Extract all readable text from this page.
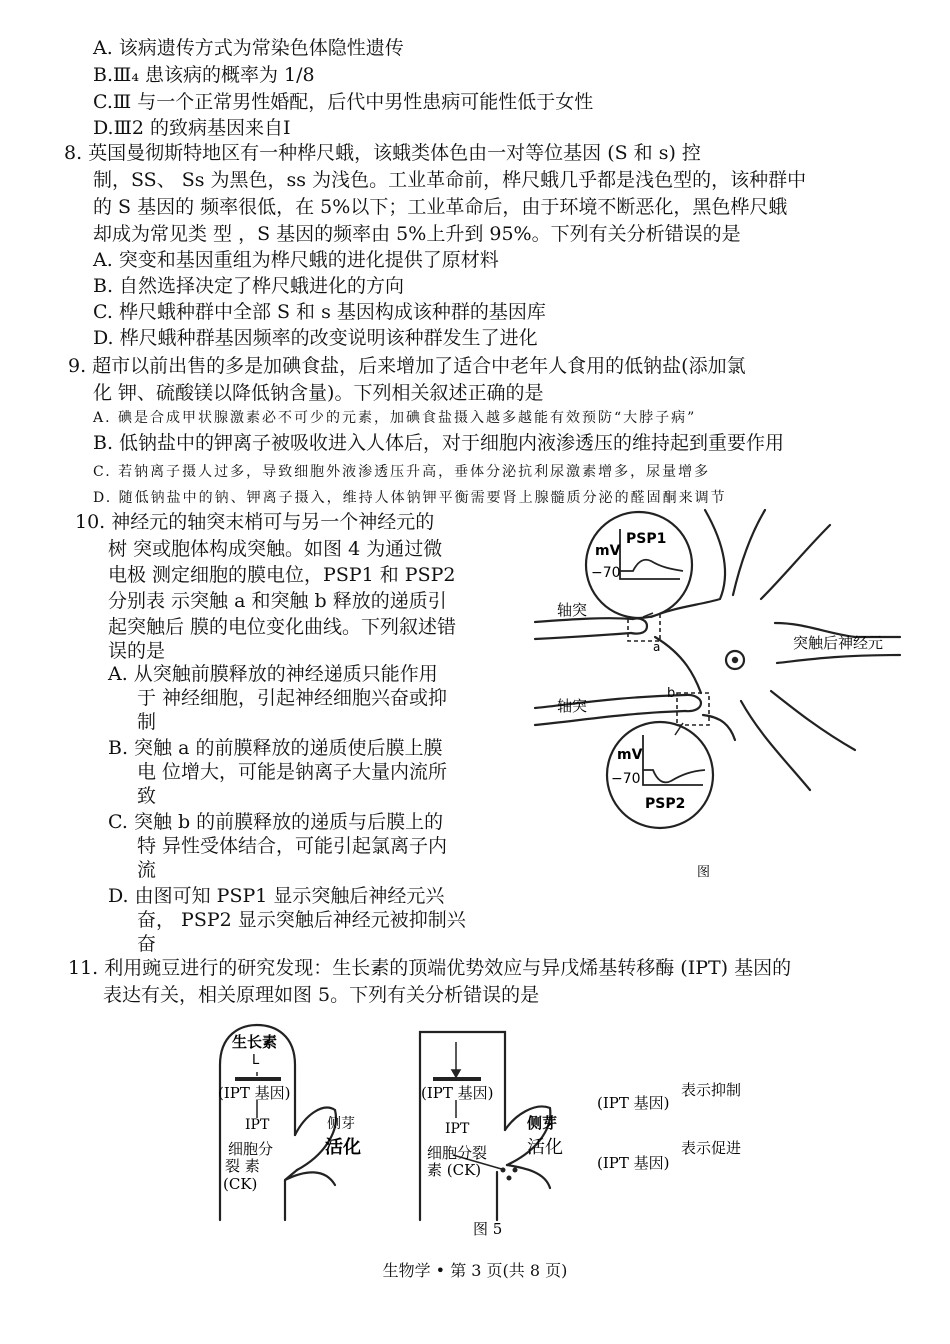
A. 该病遗传方式为常染色体隐性遗传
B.Ⅲ₄ 患该病的概率为 1/8
C.Ⅲ 与一个正常男性婚配，后代中男性患病可能性低于女性
D.Ⅲ2 的致病基因来自Ⅰ
8. 英国曼彻斯特地区有一种桦尺蛾，该蛾类体色由一对等位基因 (S 和 s) 控
制，SS、 Ss 为黑色，ss 为浅色。工业革命前，桦尺蛾几乎都是浅色型的，该种群中
的 S 基因的 频率很低，在 5%以下；工业革命后，由于环境不断恶化，黑色桦尺蛾
却成为常见类 型 ，S 基因的频率由 5%上升到 95%。下列有关分析错误的是
A. 突变和基因重组为桦尺蛾的进化提供了原材料
B. 自然选择决定了桦尺蛾进化的方向
C. 桦尺蛾种群中全部 S 和 s 基因构成该种群的基因库
D. 桦尺蛾种群基因频率的改变说明该种群发生了进化
9. 超市以前出售的多是加碘食盐，后来增加了适合中老年人食用的低钠盐(添加氯
化 钾、硫酸镁以降低钠含量)。下列相关叙述正确的是
A. 碘是合成甲状腺激素必不可少的元素，加碘食盐摄入越多越能有效预防“大脖子病”
B. 低钠盐中的钾离子被吸收进入人体后，对于细胞内液渗透压的维持起到重要作用
C. 若钠离子摄人过多，导致细胞外液渗透压升高，垂体分泌抗利尿激素增多，尿量增多
D. 随低钠盐中的钠、钾离子摄入，维持人体钠钾平衡需要肾上腺髓质分泌的醛固酮来调节
10. 神经元的轴突末梢可与另一个神经元的
树 突或胞体构成突触。如图 4 为通过微
电极 测定细胞的膜电位，PSP1 和 PSP2
分别表 示突触 a 和突触 b 释放的递质引
起突触后 膜的电位变化曲线。下列叙述错
误的是
A. 从突触前膜释放的神经递质只能作用
于 神经细胞，引起神经细胞兴奋或抑
制
B. 突触 a 的前膜释放的递质使后膜上膜
电 位增大，可能是钠离子大量内流所
致
C. 突触 b 的前膜释放的递质与后膜上的
特 异性受体结合，可能引起氯离子内
流
D. 由图可知 PSP1 显示突触后神经元兴
奋， PSP2 显示突触后神经元被抑制兴
奋
mV
PSP1
−70
mV
−70
PSP2
轴突
a	突触后神经元
轴突
b
图
11. 利用豌豆进行的研究发现：生长素的顶端优势效应与异戊烯基转移酶 (IPT) 基因的
表达有关，相关原理如图 5。下列有关分析错误的是
生长素
L
(IPT 基因)
IPT
细胞分
裂 素
(CK)
侧芽
活化
(IPT 基因)
IPT
细胞分裂
素 (CK)
侧芽
活化
(IPT 基因)
表示抑制
(IPT 基因)
表示促进
图 5
生物学 • 第 3 页(共 8 页)
